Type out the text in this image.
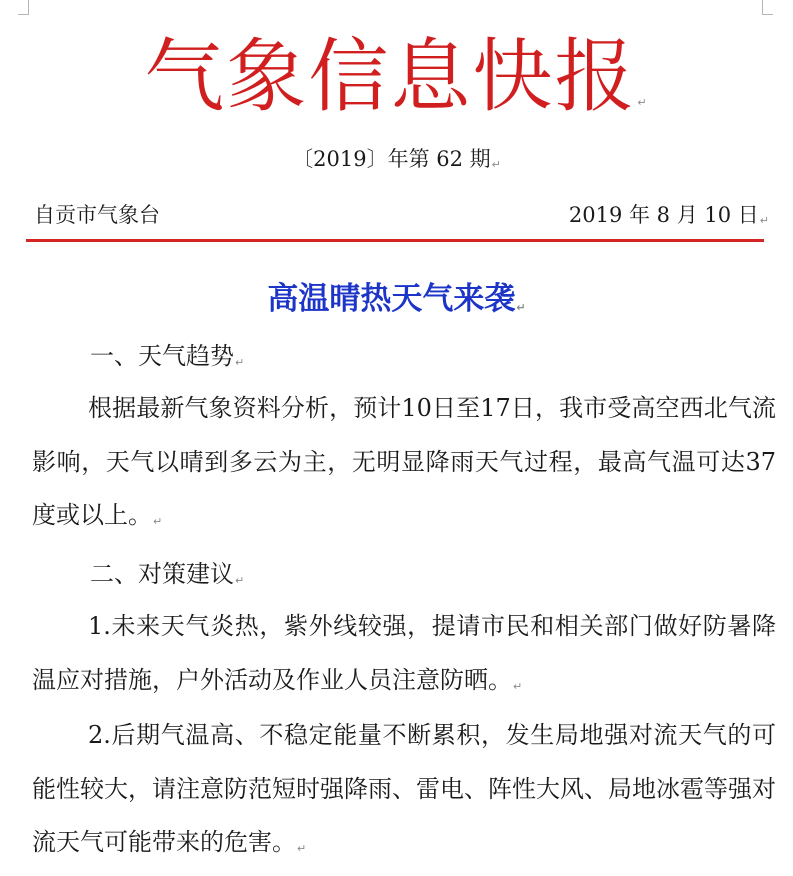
气象信息快报↵
〔2019〕年第 62 期↵
自贡市气象台	2019 年 8 月 10 日↵
高温晴热天气来袭↵
一、天气趋势↵
根据最新气象资料分析，预计10日至17日，我市受高空西北气流影响，天气以晴到多云为主，无明显降雨天气过程，最高气温可达37度或以上。↵
二、对策建议↵
1.未来天气炎热，紫外线较强，提请市民和相关部门做好防暑降温应对措施，户外活动及作业人员注意防晒。↵
2.后期气温高、不稳定能量不断累积，发生局地强对流天气的可能性较大，请注意防范短时强降雨、雷电、阵性大风、局地冰雹等强对流天气可能带来的危害。↵
